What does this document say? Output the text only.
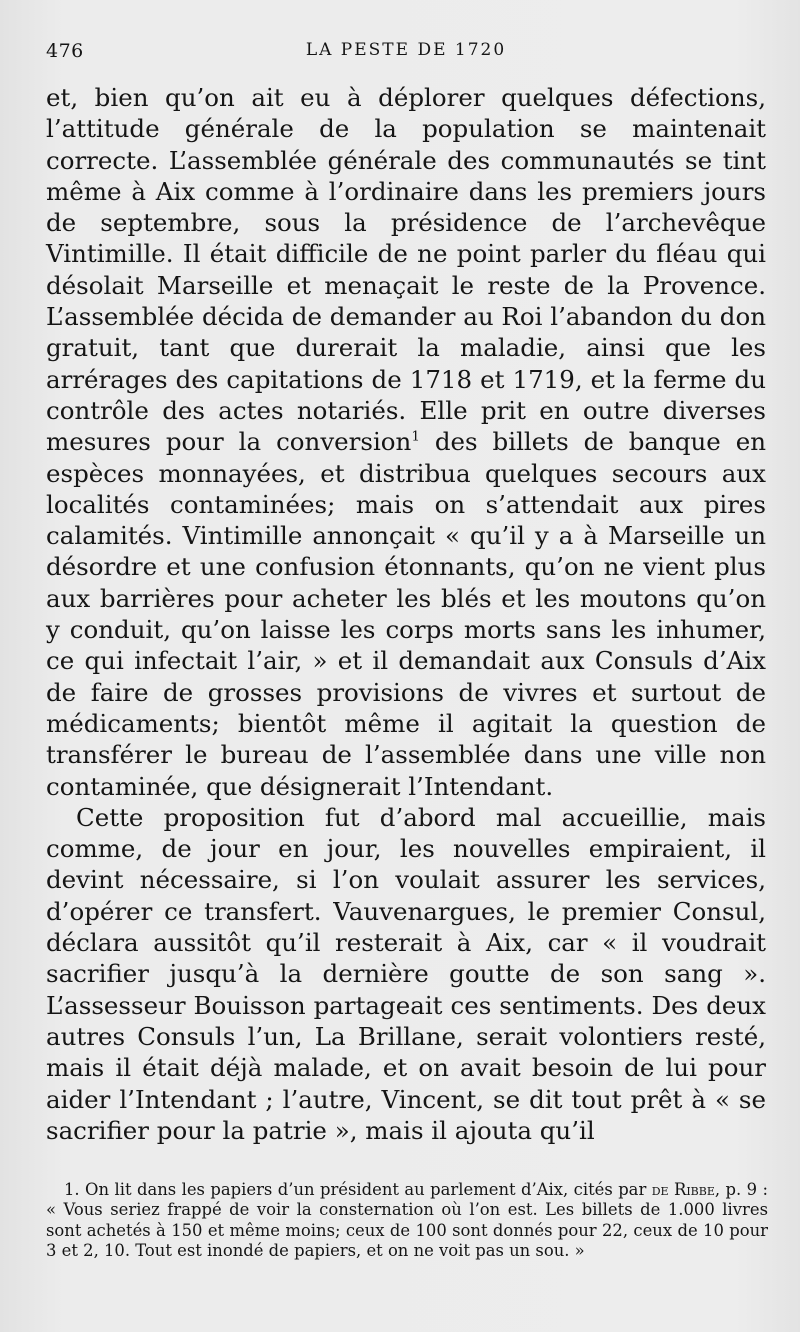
476	LA PESTE DE 1720

et, bien qu’on ait eu à déplorer quelques défections, l’attitude générale de la population se maintenait correcte. L’assemblée générale des communautés se tint même à Aix comme à l’ordinaire dans les premiers jours de septembre, sous la présidence de l’archevêque Vintimille. Il était difficile de ne point parler du fléau qui désolait Marseille et menaçait le reste de la Provence. L’assemblée décida de demander au Roi l’abandon du don gratuit, tant que durerait la maladie, ainsi que les arrérages des capitations de 1718 et 1719, et la ferme du contrôle des actes notariés. Elle prit en outre diverses mesures pour la conversion$^1$ des billets de banque en espèces monnayées, et distribua quelques secours aux localités contaminées; mais on s’attendait aux pires calamités. Vintimille annonçait « qu’il y a à Marseille un désordre et une confusion étonnants, qu’on ne vient plus aux barrières pour acheter les blés et les moutons qu’on y conduit, qu’on laisse les corps morts sans les inhumer, ce qui infectait l’air, » et il demandait aux Consuls d’Aix de faire de grosses provisions de vivres et surtout de médicaments; bientôt même il agitait la question de transférer le bureau de l’assemblée dans une ville non contaminée, que désignerait l’Intendant.

Cette proposition fut d’abord mal accueillie, mais comme, de jour en jour, les nouvelles empiraient, il devint nécessaire, si l’on voulait assurer les services, d’opérer ce transfert. Vauvenargues, le premier Consul, déclara aussitôt qu’il resterait à Aix, car « il voudrait sacrifier jusqu’à la dernière goutte de son sang ». L’assesseur Bouisson partageait ces sentiments. Des deux autres Consuls l’un, La Brillane, serait volontiers resté, mais il était déjà malade, et on avait besoin de lui pour aider l’Intendant ; l’autre, Vincent, se dit tout prêt à « se sacrifier pour la patrie », mais il ajouta qu’il

1. On lit dans les papiers d’un président au parlement d’Aix, cités par de Ribbe, p. 9 : « Vous seriez frappé de voir la consternation où l’on est. Les billets de 1.000 livres sont achetés à 150 et même moins; ceux de 100 sont donnés pour 22, ceux de 10 pour 3 et 2, 10. Tout est inondé de papiers, et on ne voit pas un sou. »
